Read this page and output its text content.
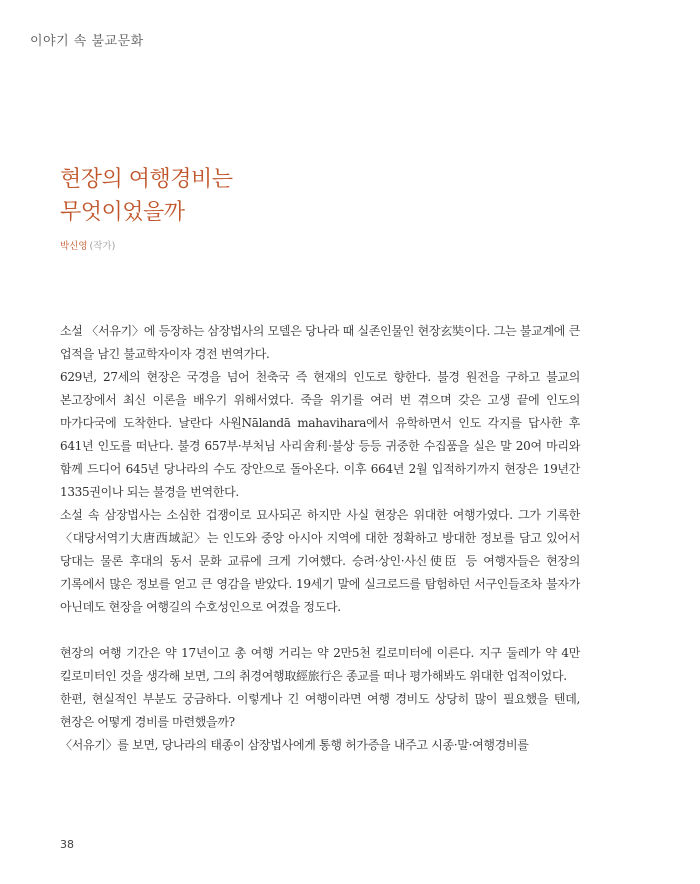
이야기 속 불교문화
현장의 여행경비는
무엇이었을까
박신영 (작가)

소설 〈서유기〉에 등장하는 삼장법사의 모델은 당나라 때 실존인물인 현장玄奘이다. 그는 불교계에 큰 업적을 남긴 불교학자이자 경전 번역가다.

629년, 27세의 현장은 국경을 넘어 천축국 즉 현재의 인도로 향한다. 불경 원전을 구하고 불교의 본고장에서 최신 이론을 배우기 위해서였다. 죽을 위기를 여러 번 겪으며 갖은 고생 끝에 인도의 마가다국에 도착한다. 날란다 사원Nālandā mahavihara에서 유학하면서 인도 각지를 답사한 후 641년 인도를 떠난다. 불경 657부·부처님 사리舍利·불상 등등 귀중한 수집품을 실은 말 20여 마리와 함께 드디어 645년 당나라의 수도 장안으로 돌아온다. 이후 664년 2월 입적하기까지 현장은 19년간 1335권이나 되는 불경을 번역한다.

소설 속 삼장법사는 소심한 겁쟁이로 묘사되곤 하지만 사실 현장은 위대한 여행가였다. 그가 기록한 〈대당서역기大唐西域記〉는 인도와 중앙 아시아 지역에 대한 정확하고 방대한 정보를 담고 있어서 당대는 물론 후대의 동서 문화 교류에 크게 기여했다. 승려·상인·사신使臣 등 여행자들은 현장의 기록에서 많은 정보를 얻고 큰 영감을 받았다. 19세기 말에 실크로드를 탐험하던 서구인들조차 불자가 아닌데도 현장을 여행길의 수호성인으로 여겼을 정도다.

현장의 여행 기간은 약 17년이고 총 여행 거리는 약 2만5천 킬로미터에 이른다. 지구 둘레가 약 4만 킬로미터인 것을 생각해 보면, 그의 취경여행取經旅行은 종교를 떠나 평가해봐도 위대한 업적이었다.

한편, 현실적인 부분도 궁금하다. 이렇게나 긴 여행이라면 여행 경비도 상당히 많이 필요했을 텐데, 현장은 어떻게 경비를 마련했을까?

〈서유기〉를 보면, 당나라의 태종이 삼장법사에게 통행 허가증을 내주고 시종·말·여행경비를

38
